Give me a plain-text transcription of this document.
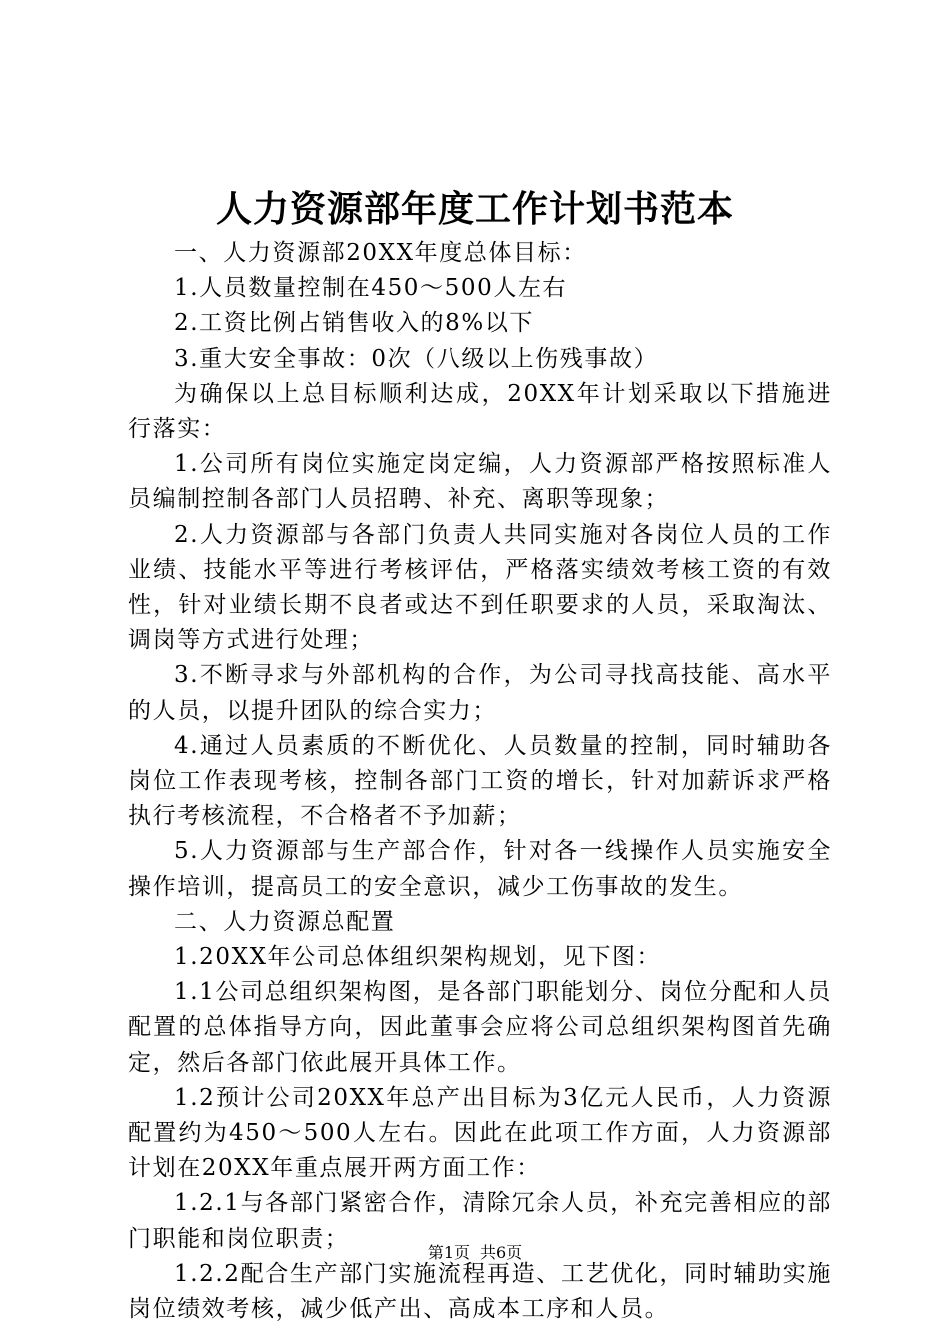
人力资源部年度工作计划书范本

一、人力资源部20XX年度总体目标：

1.人员数量控制在450～500人左右

2.工资比例占销售收入的8%以下

3.重大安全事故：0次（八级以上伤残事故）

为确保以上总目标顺利达成，20XX年计划采取以下措施进行落实：

1.公司所有岗位实施定岗定编，人力资源部严格按照标准人员编制控制各部门人员招聘、补充、离职等现象；

2.人力资源部与各部门负责人共同实施对各岗位人员的工作业绩、技能水平等进行考核评估，严格落实绩效考核工资的有效性，针对业绩长期不良者或达不到任职要求的人员，采取淘汰、调岗等方式进行处理；

3.不断寻求与外部机构的合作，为公司寻找高技能、高水平的人员，以提升团队的综合实力；

4.通过人员素质的不断优化、人员数量的控制，同时辅助各岗位工作表现考核，控制各部门工资的增长，针对加薪诉求严格执行考核流程，不合格者不予加薪；

5.人力资源部与生产部合作，针对各一线操作人员实施安全操作培训，提高员工的安全意识，减少工伤事故的发生。

二、人力资源总配置

1.20XX年公司总体组织架构规划，见下图：

1.1公司总组织架构图，是各部门职能划分、岗位分配和人员配置的总体指导方向，因此董事会应将公司总组织架构图首先确定，然后各部门依此展开具体工作。

1.2预计公司20XX年总产出目标为3亿元人民币，人力资源配置约为450～500人左右。因此在此项工作方面，人力资源部计划在20XX年重点展开两方面工作：

1.2.1与各部门紧密合作，清除冗余人员，补充完善相应的部门职能和岗位职责；

1.2.2配合生产部门实施流程再造、工艺优化，同时辅助实施岗位绩效考核，减少低产出、高成本工序和人员。

第1页 共6页
